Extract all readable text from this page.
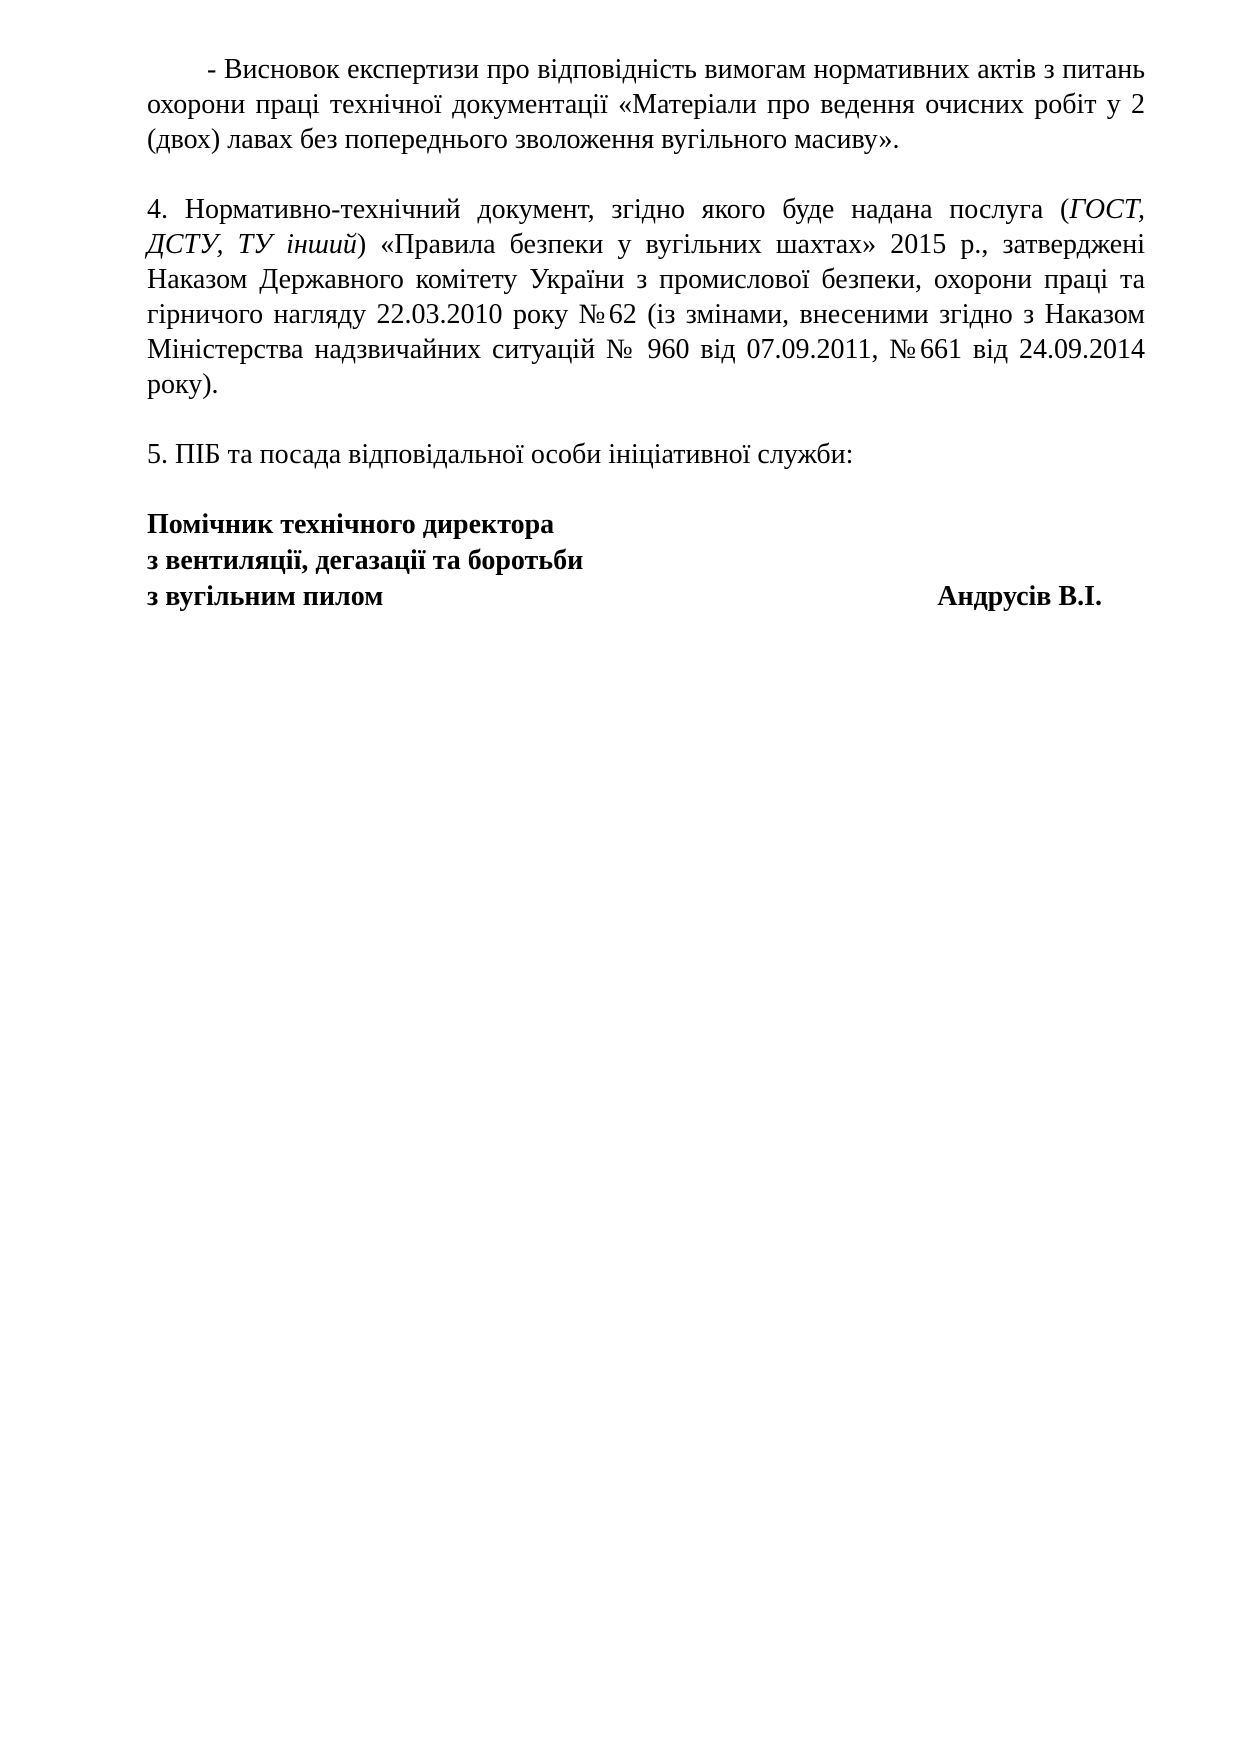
- Висновок експертизи про відповідність вимогам нормативних актів з питань охорони праці технічної документації «Матеріали про ведення очисних робіт у 2 (двох) лавах без попереднього зволоження вугільного масиву».

4. Нормативно-технічний документ, згідно якого буде надана послуга (ГОСТ, ДСТУ, ТУ інший) «Правила безпеки у вугільних шахтах» 2015 р., затверджені Наказом Державного комітету України з промислової безпеки, охорони праці та гірничого нагляду 22.03.2010 року №62 (із змінами, внесеними згідно з Наказом Міністерства надзвичайних ситуацій № 960 від 07.09.2011, №661 від 24.09.2014 року).

5. ПІБ та посада відповідальної особи ініціативної служби:

Помічник технічного директора
з вентиляції, дегазації та боротьби
з вугільним пилом	Андрусів В.І.
